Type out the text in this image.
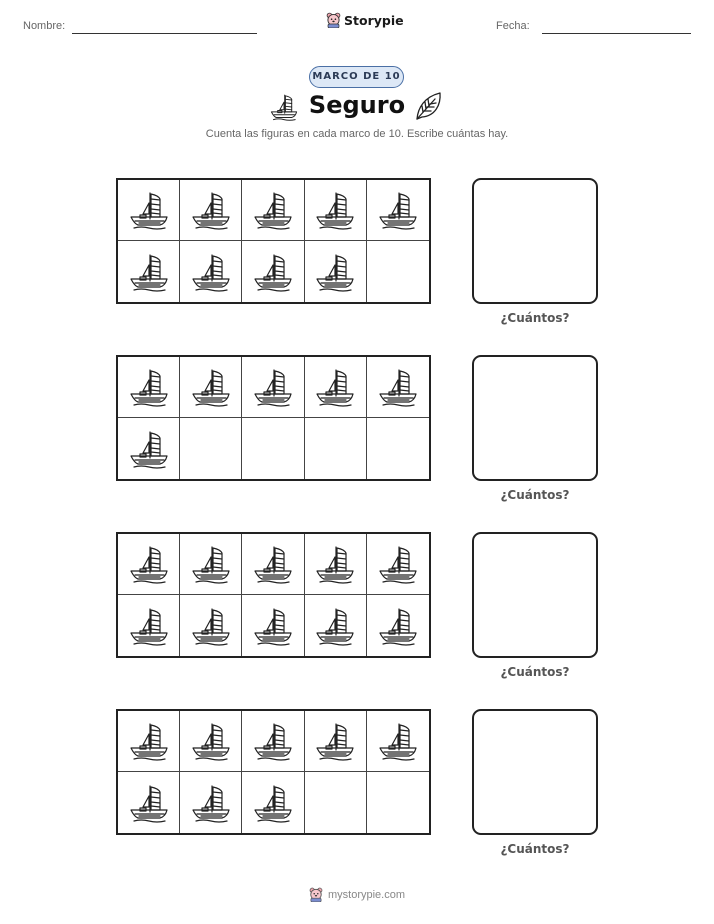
Nombre:	Storypie	Fecha:
MARCO DE 10
Seguro
Cuenta las figuras en cada marco de 10. Escribe cuántas hay.
¿Cuántos?
¿Cuántos?
¿Cuántos?
¿Cuántos?
mystorypie.com
